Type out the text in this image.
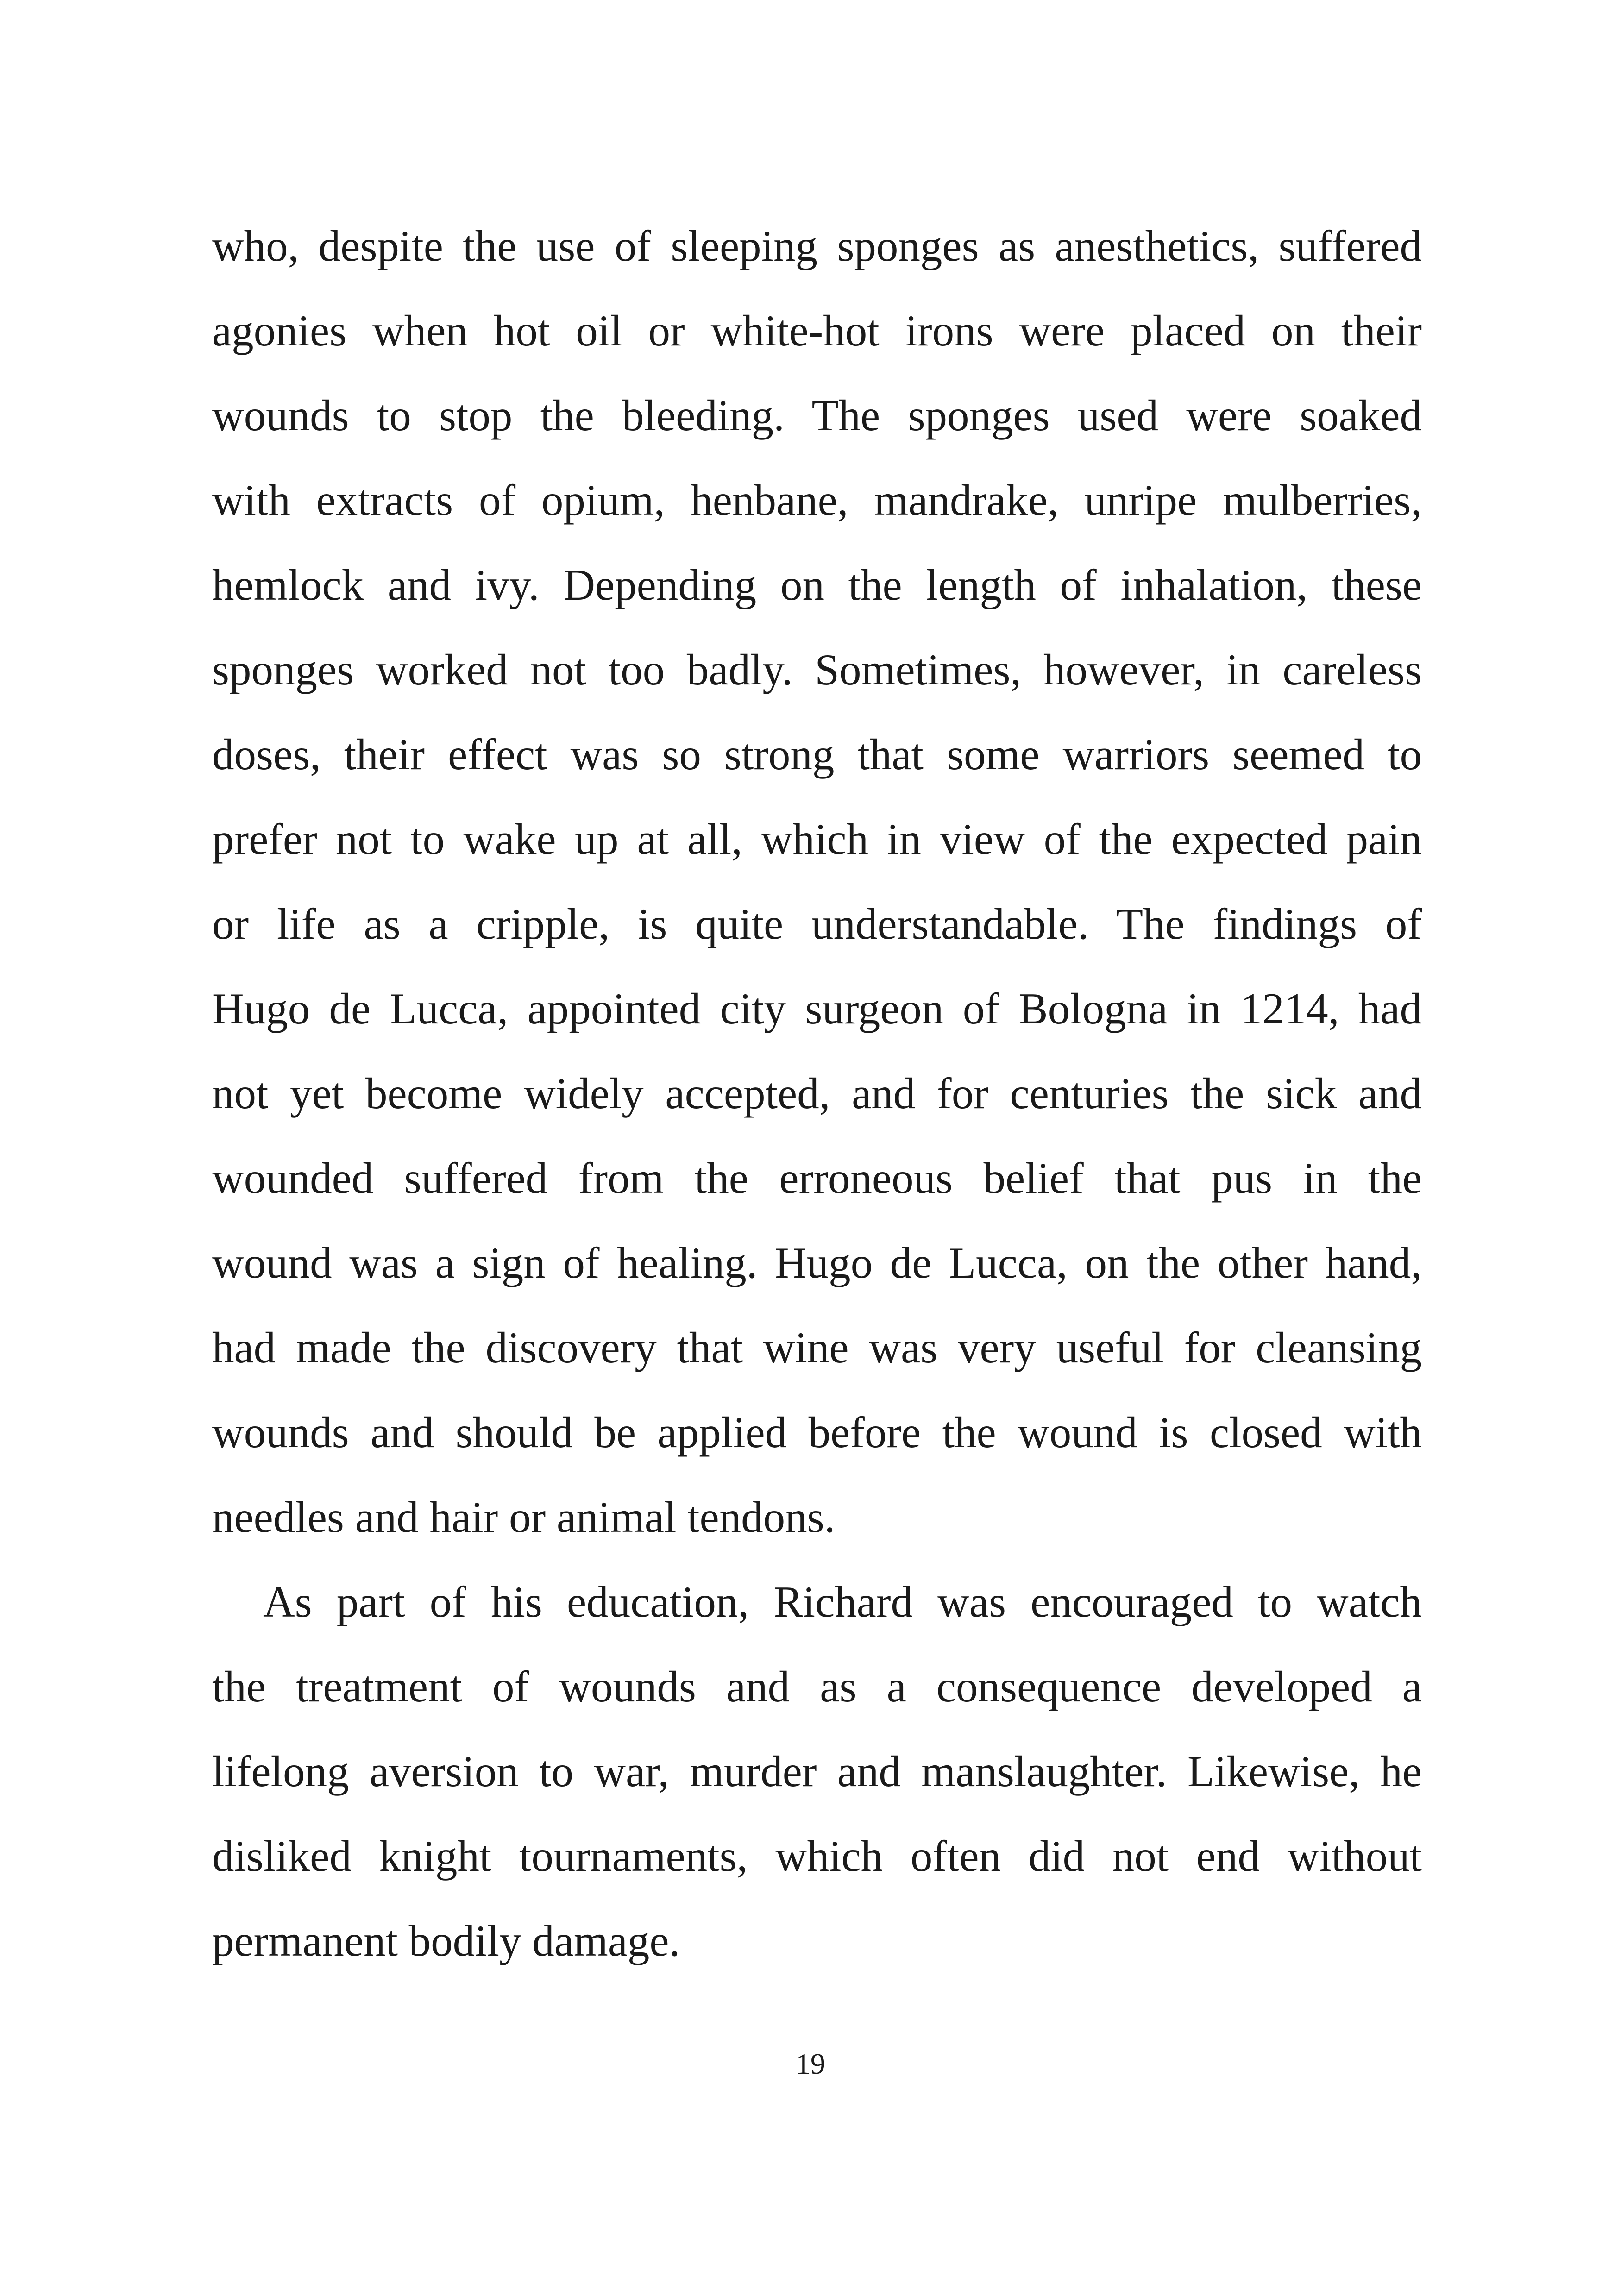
who, despite the use of sleeping sponges as anesthetics, suffered
agonies when hot oil or white-hot irons were placed on their
wounds to stop the bleeding. The sponges used were soaked
with extracts of opium, henbane, mandrake, unripe mulberries,
hemlock and ivy. Depending on the length of inhalation, these
sponges worked not too badly. Sometimes, however, in careless
doses, their effect was so strong that some warriors seemed to
prefer not to wake up at all, which in view of the expected pain
or life as a cripple, is quite understandable. The findings of
Hugo de Lucca, appointed city surgeon of Bologna in 1214, had
not yet become widely accepted, and for centuries the sick and
wounded suffered from the erroneous belief that pus in the
wound was a sign of healing. Hugo de Lucca, on the other hand,
had made the discovery that wine was very useful for cleansing
wounds and should be applied before the wound is closed with
needles and hair or animal tendons.
As part of his education, Richard was encouraged to watch
the treatment of wounds and as a consequence developed a
lifelong aversion to war, murder and manslaughter. Likewise, he
disliked knight tournaments, which often did not end without
permanent bodily damage.
19
